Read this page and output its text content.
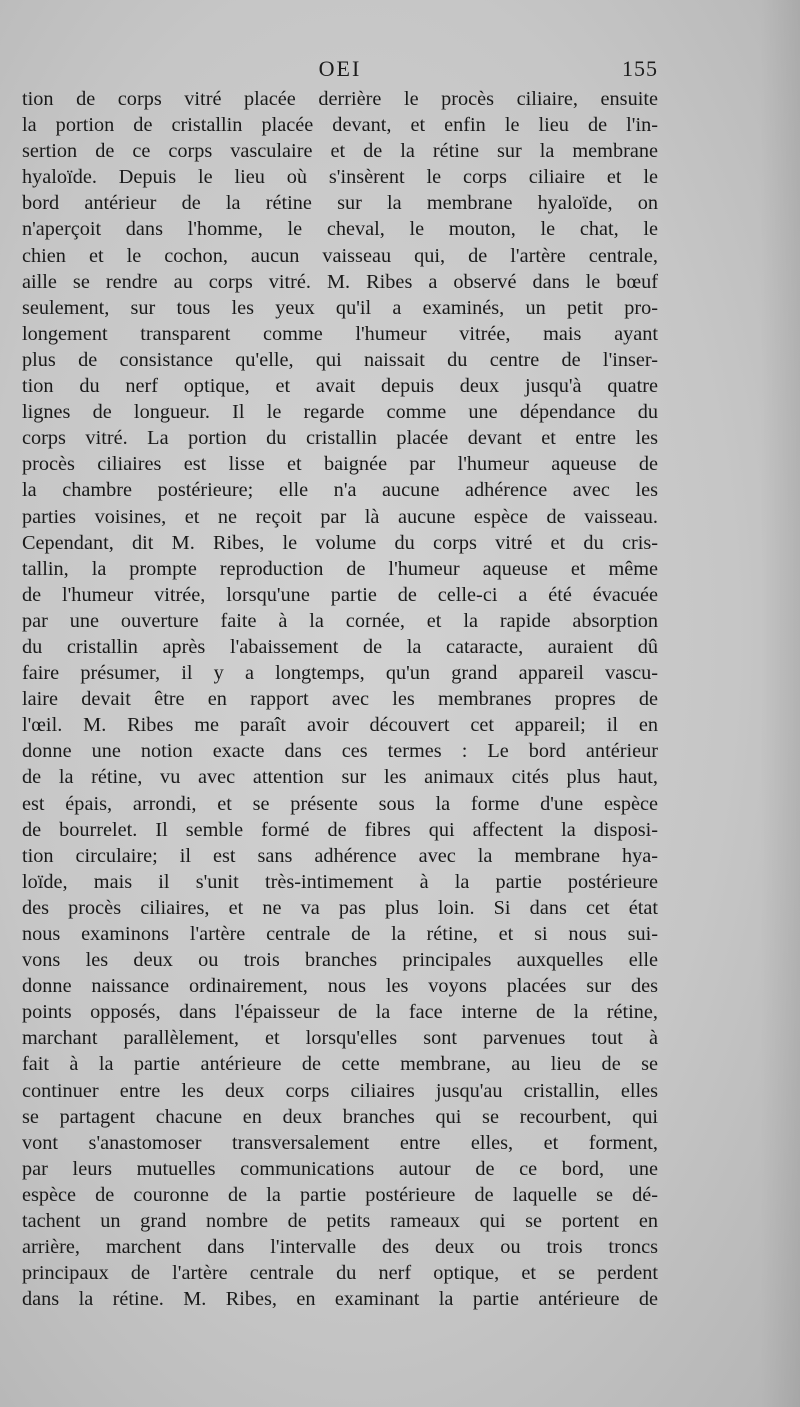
OEI	155
tion de corps vitré placée derrière le procès ciliaire, ensuite
la portion de cristallin placée devant, et enfin le lieu de l'in-
sertion de ce corps vasculaire et de la rétine sur la membrane
hyaloïde. Depuis le lieu où s'insèrent le corps ciliaire et le
bord antérieur de la rétine sur la membrane hyaloïde, on
n'aperçoit dans l'homme, le cheval, le mouton, le chat, le
chien et le cochon, aucun vaisseau qui, de l'artère centrale,
aille se rendre au corps vitré. M. Ribes a observé dans le bœuf
seulement, sur tous les yeux qu'il a examinés, un petit pro-
longement transparent comme l'humeur vitrée, mais ayant
plus de consistance qu'elle, qui naissait du centre de l'inser-
tion du nerf optique, et avait depuis deux jusqu'à quatre
lignes de longueur. Il le regarde comme une dépendance du
corps vitré. La portion du cristallin placée devant et entre les
procès ciliaires est lisse et baignée par l'humeur aqueuse de
la chambre postérieure; elle n'a aucune adhérence avec les
parties voisines, et ne reçoit par là aucune espèce de vaisseau.
Cependant, dit M. Ribes, le volume du corps vitré et du cris-
tallin, la prompte reproduction de l'humeur aqueuse et même
de l'humeur vitrée, lorsqu'une partie de celle-ci a été évacuée
par une ouverture faite à la cornée, et la rapide absorption
du cristallin après l'abaissement de la cataracte, auraient dû
faire présumer, il y a longtemps, qu'un grand appareil vascu-
laire devait être en rapport avec les membranes propres de
l'œil. M. Ribes me paraît avoir découvert cet appareil; il en
donne une notion exacte dans ces termes : Le bord antérieur
de la rétine, vu avec attention sur les animaux cités plus haut,
est épais, arrondi, et se présente sous la forme d'une espèce
de bourrelet. Il semble formé de fibres qui affectent la disposi-
tion circulaire; il est sans adhérence avec la membrane hya-
loïde, mais il s'unit très-intimement à la partie postérieure
des procès ciliaires, et ne va pas plus loin. Si dans cet état
nous examinons l'artère centrale de la rétine, et si nous sui-
vons les deux ou trois branches principales auxquelles elle
donne naissance ordinairement, nous les voyons placées sur des
points opposés, dans l'épaisseur de la face interne de la rétine,
marchant parallèlement, et lorsqu'elles sont parvenues tout à
fait à la partie antérieure de cette membrane, au lieu de se
continuer entre les deux corps ciliaires jusqu'au cristallin, elles
se partagent chacune en deux branches qui se recourbent, qui
vont s'anastomoser transversalement entre elles, et forment,
par leurs mutuelles communications autour de ce bord, une
espèce de couronne de la partie postérieure de laquelle se dé-
tachent un grand nombre de petits rameaux qui se portent en
arrière, marchent dans l'intervalle des deux ou trois troncs
principaux de l'artère centrale du nerf optique, et se perdent
dans la rétine. M. Ribes, en examinant la partie antérieure de
